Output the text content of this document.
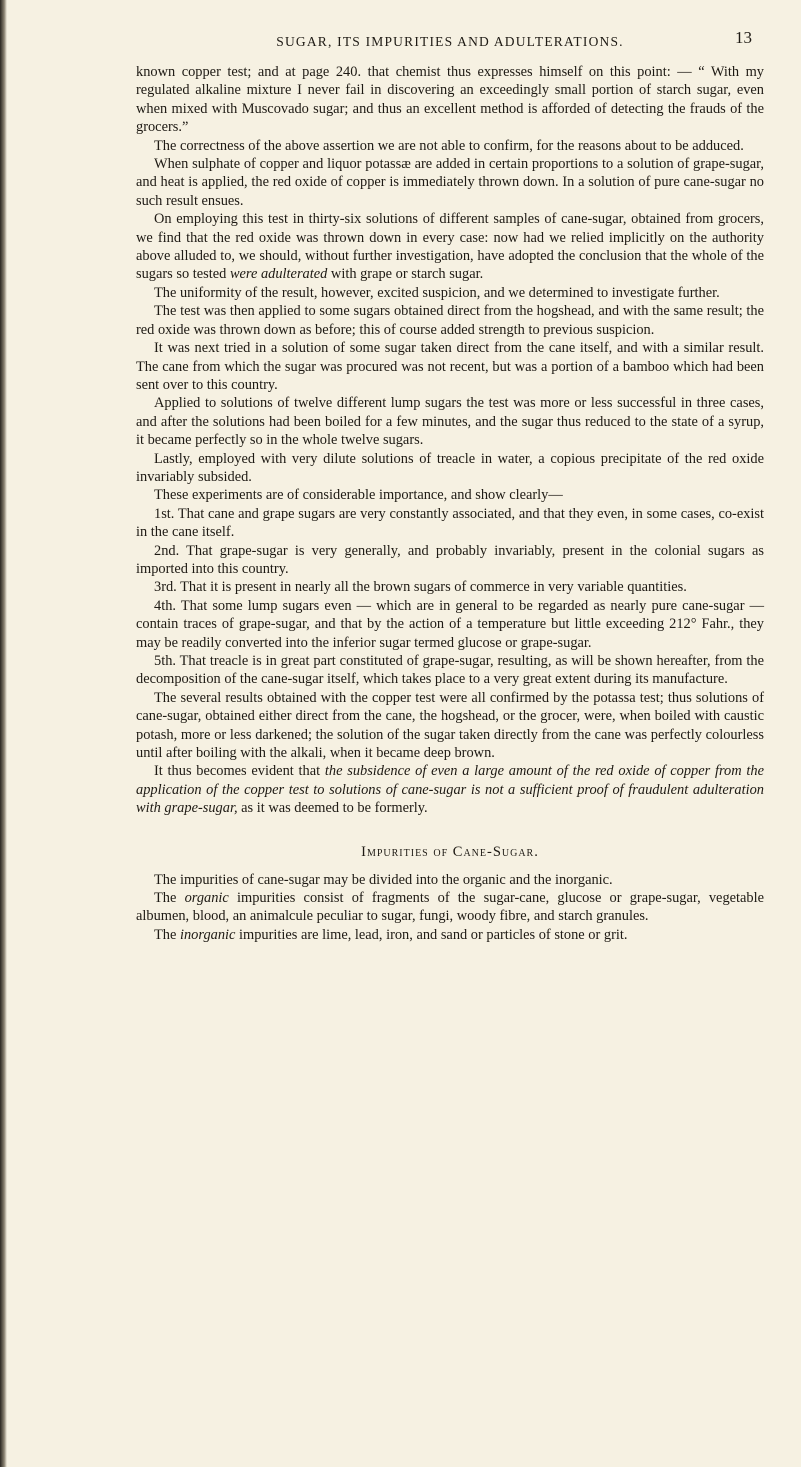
SUGAR, ITS IMPURITIES AND ADULTERATIONS.	13

known copper test; and at page 240. that chemist thus expresses himself on this point: — “ With my regulated alkaline mixture I never fail in discovering an exceedingly small portion of starch sugar, even when mixed with Muscovado sugar; and thus an excellent method is afforded of detecting the frauds of the grocers.”

The correctness of the above assertion we are not able to confirm, for the reasons about to be adduced.

When sulphate of copper and liquor potassæ are added in certain proportions to a solution of grape-sugar, and heat is applied, the red oxide of copper is immediately thrown down. In a solution of pure cane-sugar no such result ensues.

On employing this test in thirty-six solutions of different samples of cane-sugar, obtained from grocers, we find that the red oxide was thrown down in every case: now had we relied implicitly on the authority above alluded to, we should, without further investigation, have adopted the conclusion that the whole of the sugars so tested were adulterated with grape or starch sugar.

The uniformity of the result, however, excited suspicion, and we determined to investigate further.

The test was then applied to some sugars obtained direct from the hogshead, and with the same result; the red oxide was thrown down as before; this of course added strength to previous suspicion.

It was next tried in a solution of some sugar taken direct from the cane itself, and with a similar result. The cane from which the sugar was procured was not recent, but was a portion of a bamboo which had been sent over to this country.

Applied to solutions of twelve different lump sugars the test was more or less successful in three cases, and after the solutions had been boiled for a few minutes, and the sugar thus reduced to the state of a syrup, it became perfectly so in the whole twelve sugars.

Lastly, employed with very dilute solutions of treacle in water, a copious precipitate of the red oxide invariably subsided.

These experiments are of considerable importance, and show clearly—

1st. That cane and grape sugars are very constantly associated, and that they even, in some cases, co-exist in the cane itself.

2nd. That grape-sugar is very generally, and probably invariably, present in the colonial sugars as imported into this country.

3rd. That it is present in nearly all the brown sugars of commerce in very variable quantities.

4th. That some lump sugars even — which are in general to be regarded as nearly pure cane-sugar — contain traces of grape-sugar, and that by the action of a temperature but little exceeding 212° Fahr., they may be readily converted into the inferior sugar termed glucose or grape-sugar.

5th. That treacle is in great part constituted of grape-sugar, resulting, as will be shown hereafter, from the decomposition of the cane-sugar itself, which takes place to a very great extent during its manufacture.

The several results obtained with the copper test were all confirmed by the potassa test; thus solutions of cane-sugar, obtained either direct from the cane, the hogshead, or the grocer, were, when boiled with caustic potash, more or less darkened; the solution of the sugar taken directly from the cane was perfectly colourless until after boiling with the alkali, when it became deep brown.

It thus becomes evident that the subsidence of even a large amount of the red oxide of copper from the application of the copper test to solutions of cane-sugar is not a sufficient proof of fraudulent adulteration with grape-sugar, as it was deemed to be formerly.

Impurities of Cane-Sugar.

The impurities of cane-sugar may be divided into the organic and the inorganic.

The organic impurities consist of fragments of the sugar-cane, glucose or grape-sugar, vegetable albumen, blood, an animalcule peculiar to sugar, fungi, woody fibre, and starch granules.

The inorganic impurities are lime, lead, iron, and sand or particles of stone or grit.
